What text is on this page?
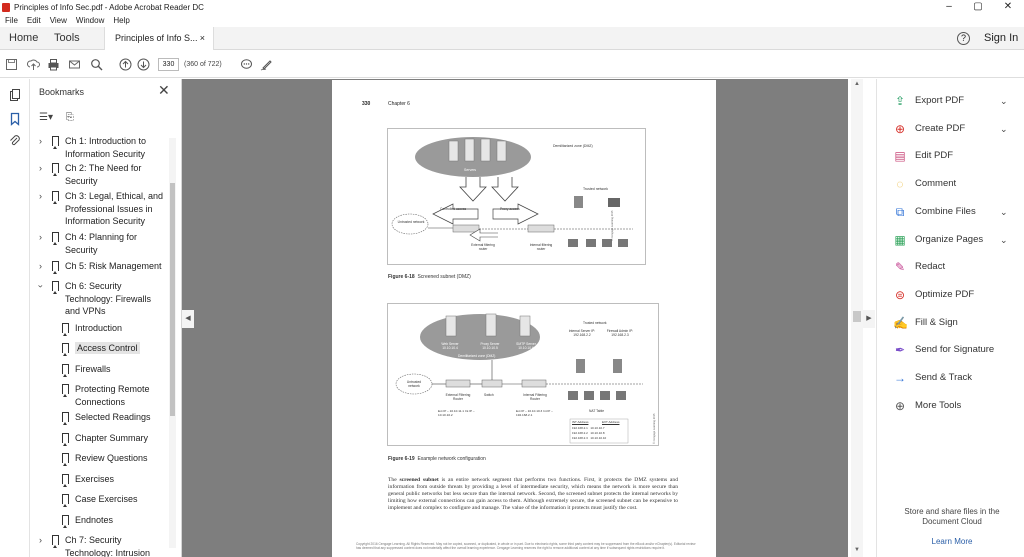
Principles of Info Sec.pdf - Adobe Acrobat Reader DC	–	▢	✕
File Edit View Window Help
Home Tools	Principles of Info S... ×	?	Sign In
330	(360 of 722)
Bookmarks	✕
☰▾ ⎘
›	Ch 1: Introduction to
Information Security
›	Ch 2: The Need for
Security
›	Ch 3: Legal, Ethical, and
Professional Issues in
Information Security
›	Ch 4: Planning for
Security
›	Ch 5: Risk Management
› Ch 6: Security
Technology: Firewalls
and VPNs
Introduction
Access Control
Firewalls
Protecting Remote
Connections
Selected Readings
Chapter Summary
Review Questions
Exercises
Case Exercises
Endnotes
›	Ch 7: Security
Technology: Intrusion
◀
330	Chapter 6
Demilitarized zone (DMZ)
Servers
Trusted network
Controlled access	Proxy access
Untrusted network
External filtering router
Internal filtering router
© Cengage Learning 2015
Figure 6-18 Screened subnet (DMZ)
Web Server 10.10.10.4
Proxy Server 10.10.10.5
SMTP Server 10.10.10.6
Demilitarized zone (DMZ)
Trusted network
Internal Server IP: 192.168.2.2
Firewall Admin IP: 192.168.2.3
Untrusted network
External Filtering Router
Ext IP – 10.10.11.1 Int IP – 10.10.10.2
Switch	Internal Filtering Router
Ext IP – 10.10.10.3 Int IP – 192.168.2.1
NAT Table
INT Address	EXT Address
192.168.2.1   10.10.10.7
192.168.2.2   10.10.10.8
192.168.2.3   10.10.10.10	© Cengage Learning 2015
Figure 6-19 Example network configuration
The screened subnet is an entire network segment that performs two functions. First, it protects the DMZ systems and information from outside threats by providing a level of intermediate security, which means the network is more secure than general public networks but less secure than the internal network. Second, the screened subnet protects the internal networks by limiting how external connections can gain access to them. Although extremely secure, the screened subnet can be expensive to implement and complex to configure and manage. The value of the information it protects must justify the cost.
Copyright 2016 Cengage Learning. All Rights Reserved. May not be copied, scanned, or duplicated, in whole or in part. Due to electronic rights, some third party content may be suppressed from the eBook and/or eChapter(s). Editorial review has deemed that any suppressed content does not materially affect the overall learning experience. Cengage Learning reserves the right to remove additional content at any time if subsequent rights restrictions require it.
▲
▼
▶
⇪ Export PDF	⌄
⊕ Create PDF	⌄
▤ Edit PDF
◌	Comment
⧉ Combine Files	⌄
▦ Organize Pages ⌄
✎ Redact
⊜ Optimize PDF
✍ Fill & Sign
✒ Send for Signature
→ Send & Track
⊕ More Tools
Store and share files in the Document Cloud
Learn More
